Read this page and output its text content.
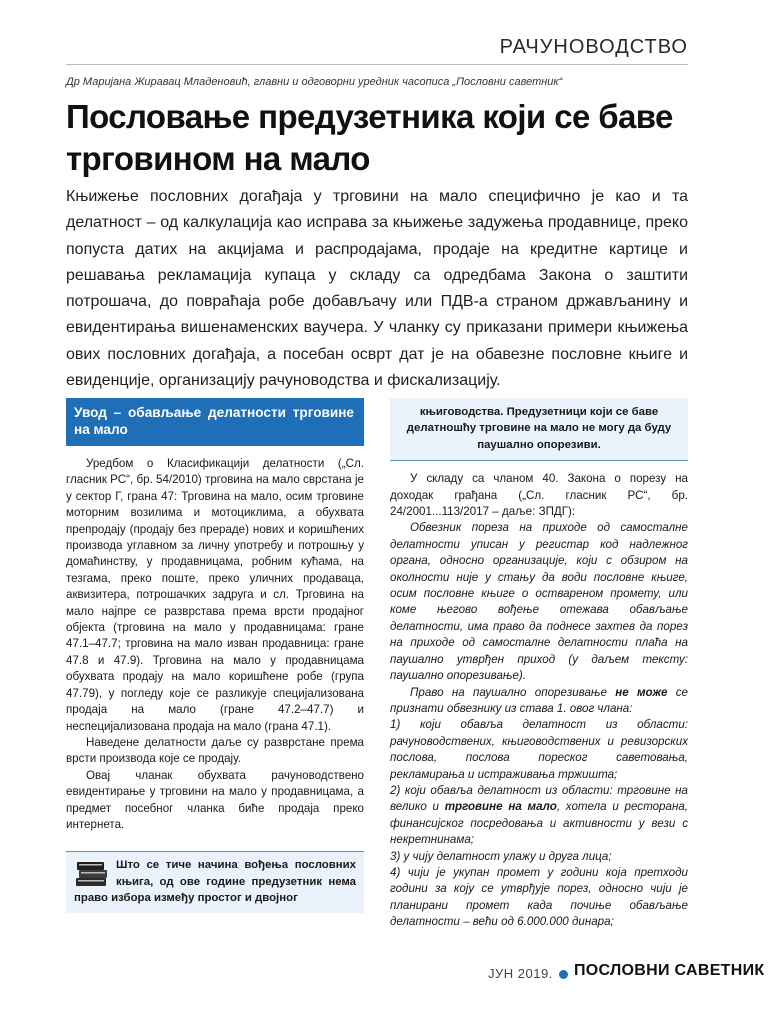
РАЧУНОВОДСТВО
Др Маријана Жиравац Младеновић, главни и одговорни уредник часописа „Пословни саветник“
Пословање предузетника који се баве трговином на мало
Књижење пословних догађаја у трговини на мало специфично је као и та делатност – од калкулација као исправа за књижење задужења продавнице, преко попуста датих на акцијама и распродајама, продаје на кредитне картице и решавања рекламација купаца у складу са одредбама Закона о заштити потрошача, до повраћаја робе добављачу или ПДВ-а страном држављанину и евидентирања вишенаменских ваучера. У чланку су приказани примери књижења ових пословних догађаја, а посебан осврт дат је на обавезне пословне књиге и евиденције, организацију рачуноводства и фискализацију.
Увод – обављање делатности трговине на мало

Уредбом о Класификацији делатности („Сл. гласник РС“, бр. 54/2010) трговина на мало сврстана је у сектор Г, грана 47: Трговина на мало, осим трговине моторним возилима и мотоциклима, а обухвата препродају (продају без прераде) нових и коришћених производа углавном за личну употребу и потрошњу у домаћинству, у продавницама, робним кућама, на тезгама, преко поште, преко уличних продаваца, аквизитера, потрошачких задруга и сл. Трговина на мало најпре се разврстава према врсти продајног објекта (трговина на мало у продавницама: гране 47.1–47.7; трговина на мало изван продавница: гране 47.8 и 47.9). Трговина на мало у продавницама обухвата продају на мало коришћене робе (група 47.79), у погледу које се разликује специјализована продаја на мало (гране 47.2–47.7) и неспецијализована продаја на мало (грана 47.1).

Наведене делатности даље су разврстане према врсти производа које се продају.

Овај чланак обухвата рачуноводствено евидентирање у трговини на мало у продавницама, а предмет посебног чланка биће продаја преко интернета.

Што се тиче начина вођења пословних књига, од ове године предузетник нема право избора између простог и двојног
књиговодства. Предузетници који се баве делатношћу трговине на мало не могу да буду паушално опорезиви.

У складу са чланом 40. Закона о порезу на доходак грађана („Сл. гласник РС“, бр. 24/2001...113/2017 – даље: ЗПДГ):

Обвезник пореза на приходе од самосталне делатности уписан у регистар код надлежног органа, односно организације, који с обзиром на околности није у стању да води пословне књиге, осим пословне књиге о оствареном промету, или коме његово вођење отежава обављање делатности, има право да поднесе захтев да порез на приходе од самосталне делатности плаћа на паушално утврђен приход (у даљем тексту: паушално опорезивање).

Право на паушално опорезивање не може се признати обвезнику из става 1. овог члана:

1) који обавља делатност из области: рачуноводствених, књиговодствених и ревизорских послова, послова пореског саветовања, рекламирања и истраживања тржишта;

2) који обавља делатност из области: трговине на велико и трговине на мало, хотела и ресторана, финансијског посредовања и активности у вези с некретнинама;

3) у чију делатност улажу и друга лица;

4) чији је укупан промет у години која претходи години за коју се утврђује порез, односно чији је планирани промет када почиње обављање делатности – већи од 6.000.000 динара;

ЈУН 2019. ПОСЛОВНИ САВЕТНИК
